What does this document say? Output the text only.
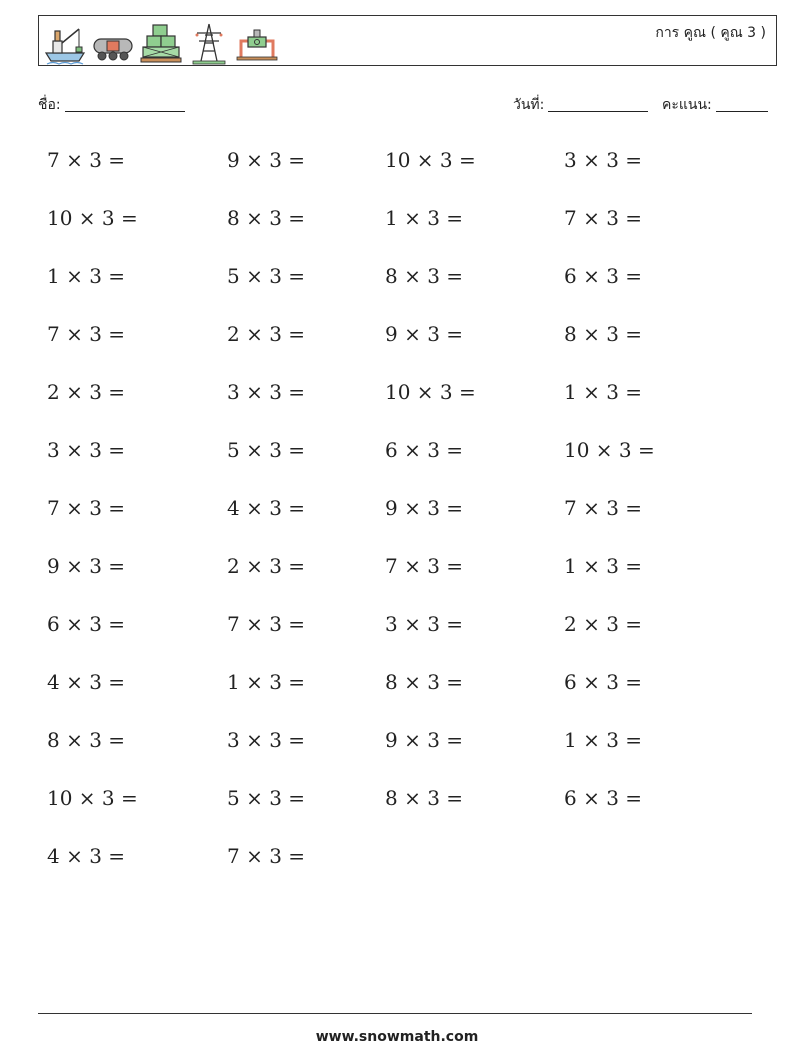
การ คูณ ( คูณ 3 )
ชื่อ:	วันที่:	คะแนน:
7 × 3 =	9 × 3 =	10 × 3 =	3 × 3 =
10 × 3 =	8 × 3 =	1 × 3 =	7 × 3 =
1 × 3 =	5 × 3 =	8 × 3 =	6 × 3 =
7 × 3 =	2 × 3 =	9 × 3 =	8 × 3 =
2 × 3 =	3 × 3 =	10 × 3 =	1 × 3 =
3 × 3 =	5 × 3 =	6 × 3 =	10 × 3 =
7 × 3 =	4 × 3 =	9 × 3 =	7 × 3 =
9 × 3 =	2 × 3 =	7 × 3 =	1 × 3 =
6 × 3 =	7 × 3 =	3 × 3 =	2 × 3 =
4 × 3 =	1 × 3 =	8 × 3 =	6 × 3 =
8 × 3 =	3 × 3 =	9 × 3 =	1 × 3 =
10 × 3 =	5 × 3 =	8 × 3 =	6 × 3 =
4 × 3 =	7 × 3 =
www.snowmath.com
